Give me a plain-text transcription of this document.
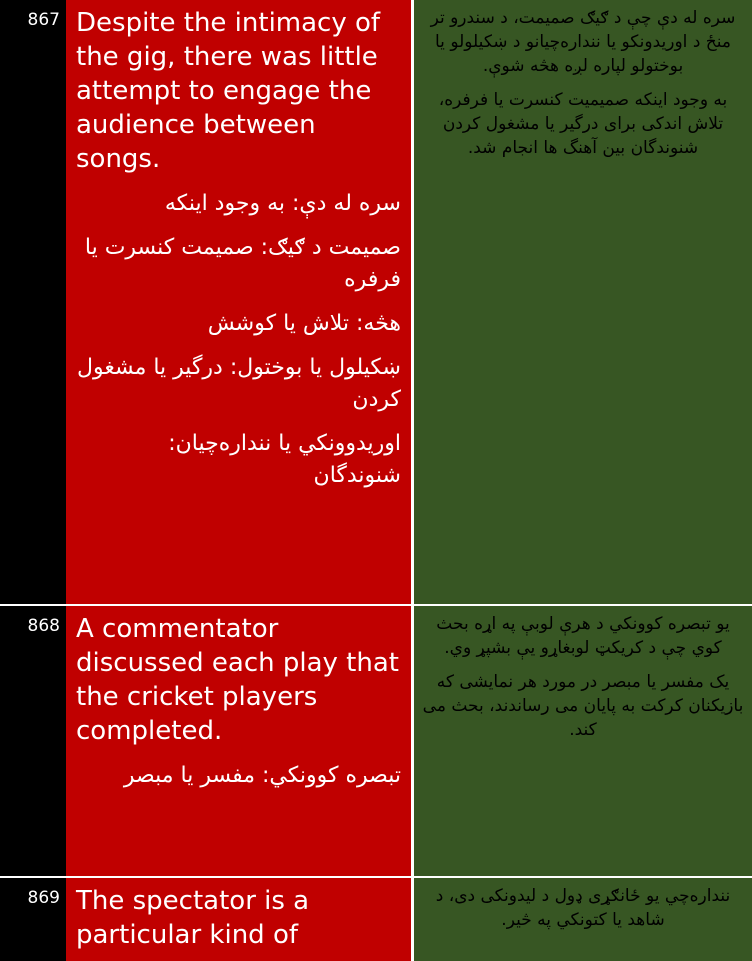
867 Despite the intimacy of the gig, there was little attempt to engage the audience between songs.

سره له دې: به وجود اينكه

صميمت د ګيګ: صميمت كنسرت يا فرفره

هڅه: تلاش يا كوشش

ښكيلول يا بوختول: درگير يا مشغول كردن

اوريدوونكي يا ننداره‌چيان: شنوندگان

سره له دې چې د ګيګ صميمت، د سندرو تر منځ د اوريدونکو يا ننداره‌چيانو د ښکيلولو يا بوختولو لپاره لږه هڅه شوې.

به وجود اينكه صميميت كنسرت يا فرفره، تلاش اندكی برای درگير يا مشغول كردن شنوندگان بين آهنگ ها انجام شد.

868 A commentator discussed each play that the cricket players completed.

تبصره كوونكي: مفسر يا مبصر

يو تبصره كوونكي د هرې لوبې په اړه بحث کوي چې د کريکټ لوبغاړو يې بشپړ وي.

يک مفسر يا مبصر در مورد هر نمايشی که بازيکنان کرکت به پايان می رساندند، بحث می كند.

869 The spectator is a particular kind of

ننداره‌چي يو ځانګړی ډول د ليدونکی دی، د شاهد يا کتونکي په څير.
